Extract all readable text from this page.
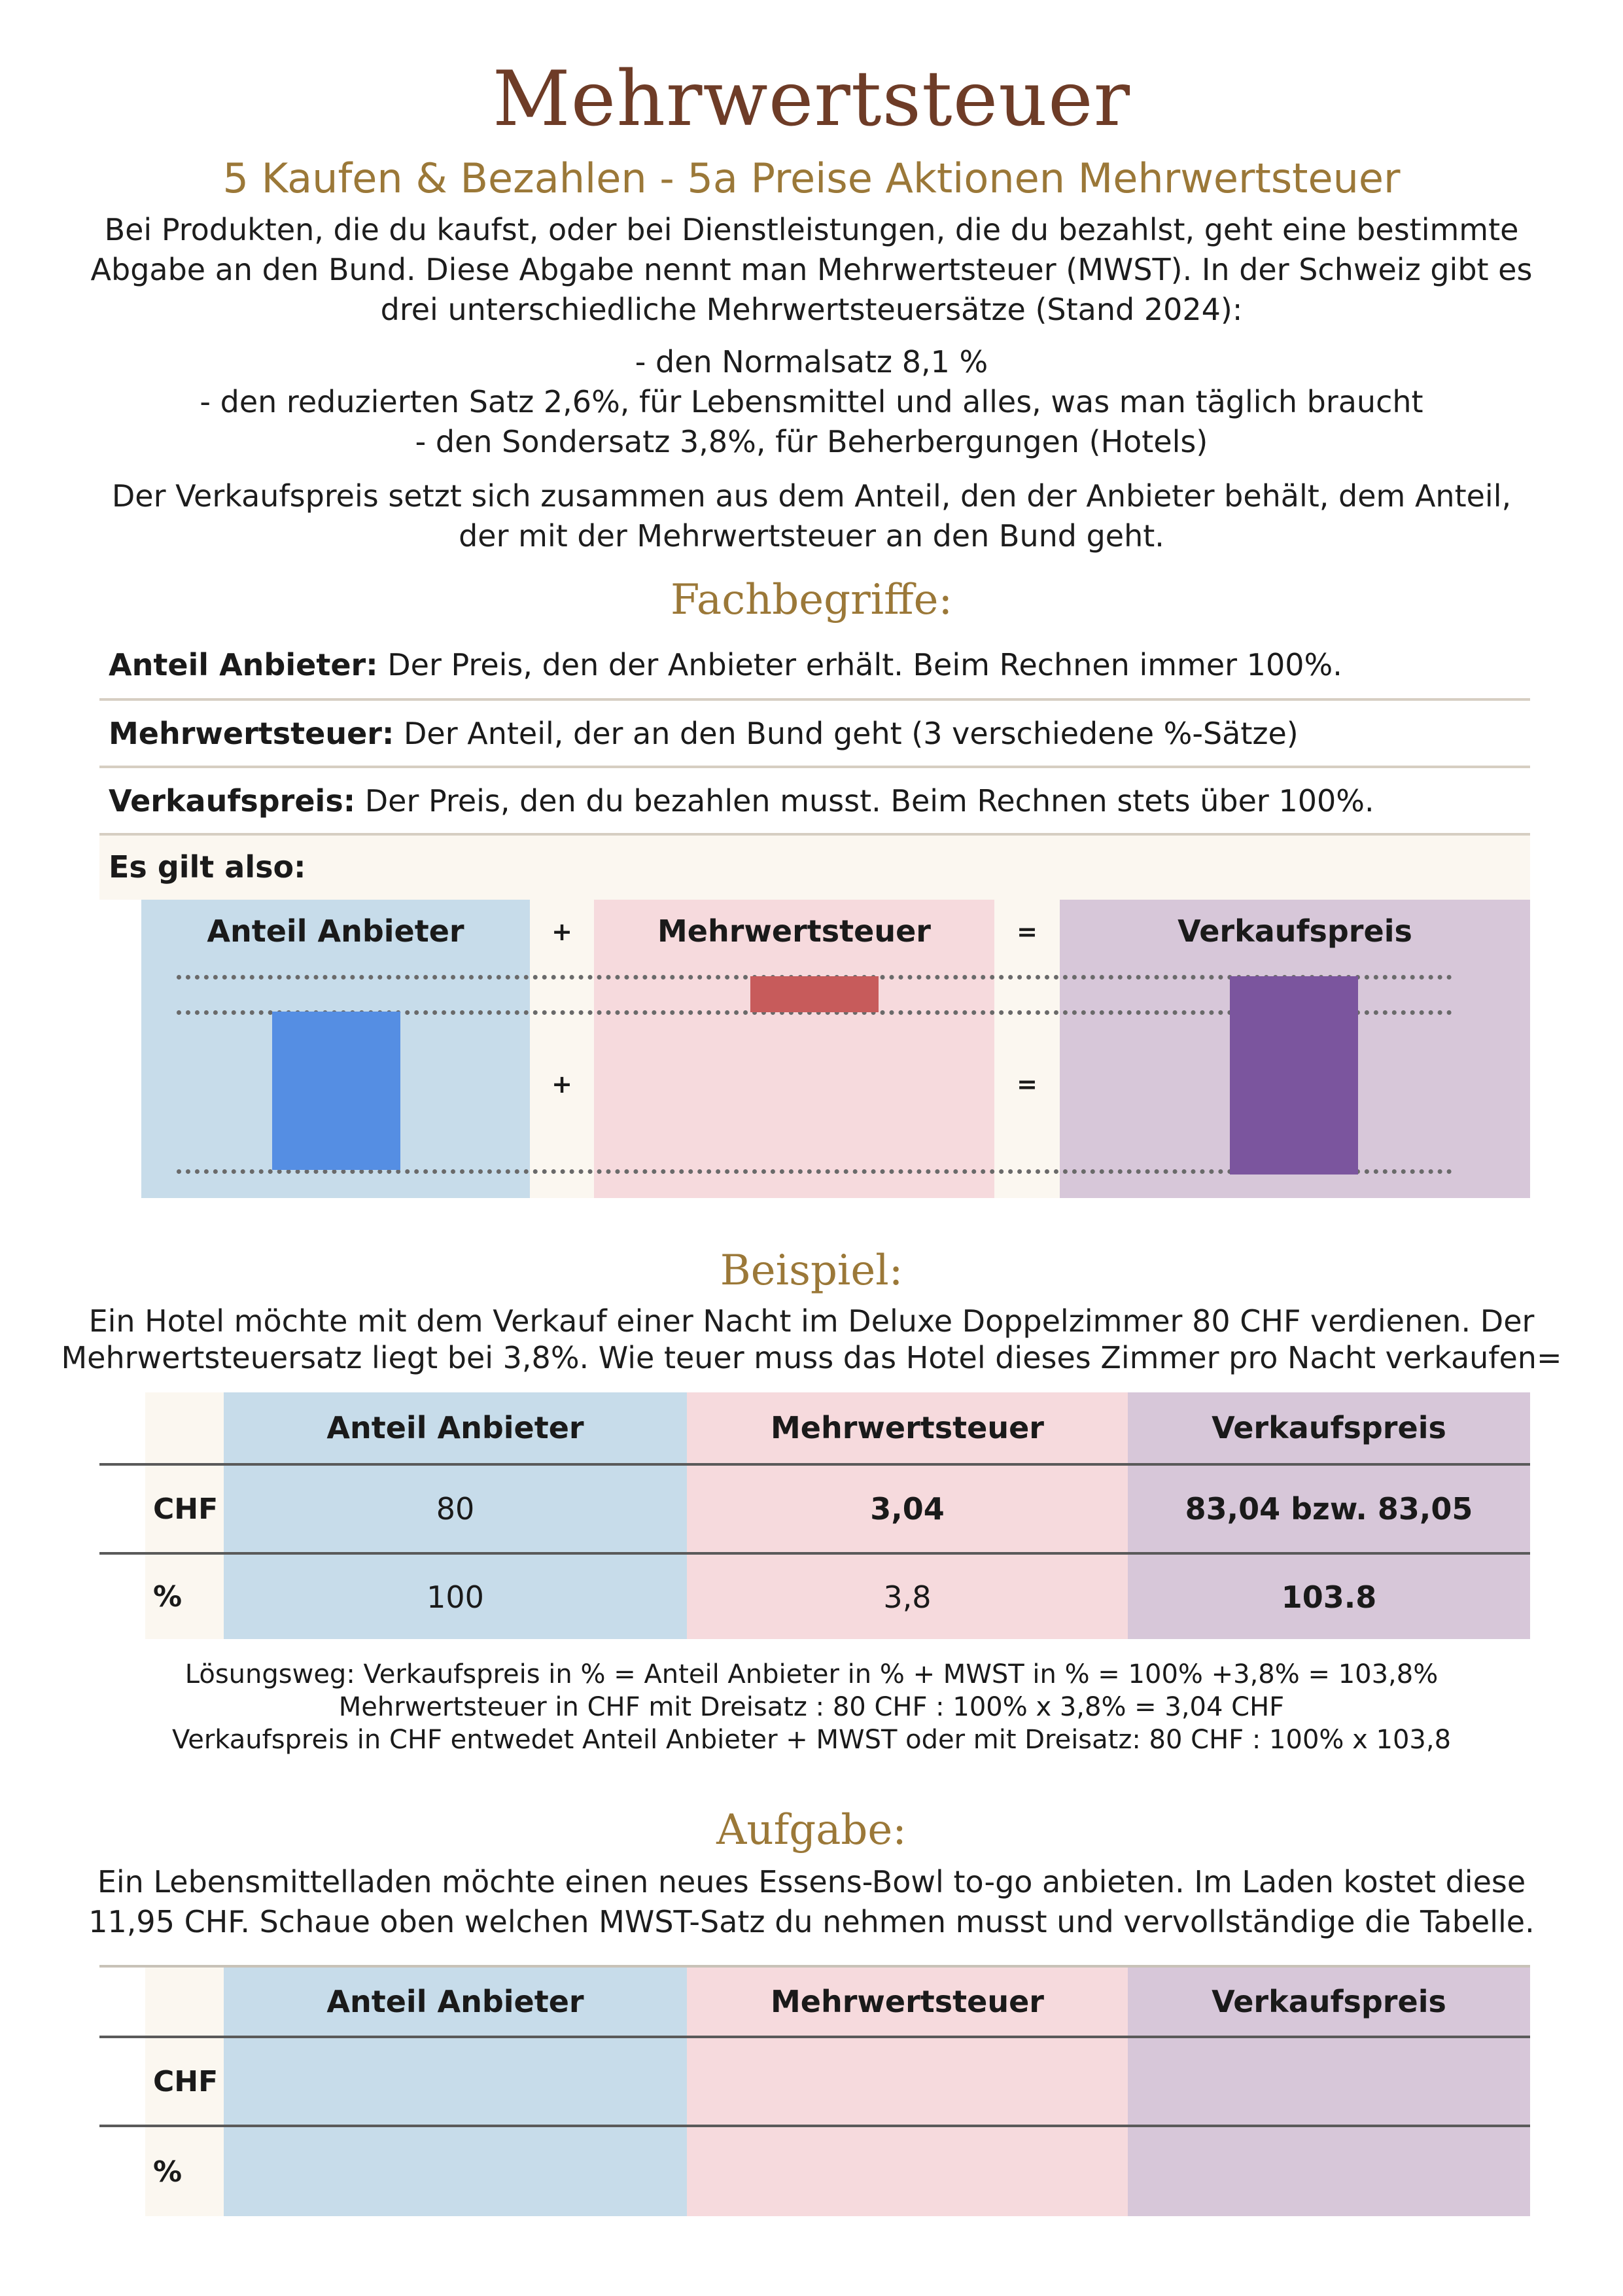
Mehrwertsteuer
5 Kaufen & Bezahlen - 5a Preise Aktionen Mehrwertsteuer
Bei Produkten, die du kaufst, oder bei Dienstleistungen, die du bezahlst, geht eine bestimmte
Abgabe an den Bund. Diese Abgabe nennt man Mehrwertsteuer (MWST). In der Schweiz gibt es
drei unterschiedliche Mehrwertsteuersätze (Stand 2024):
- den Normalsatz 8,1 %
- den reduzierten Satz 2,6%, für Lebensmittel und alles, was man täglich braucht
- den Sondersatz 3,8%, für Beherbergungen (Hotels)
Der Verkaufspreis setzt sich zusammen aus dem Anteil, den der Anbieter behält, dem Anteil,
der mit der Mehrwertsteuer an den Bund geht.
Fachbegriffe:
Anteil Anbieter: Der Preis, den der Anbieter erhält. Beim Rechnen immer 100%.
Mehrwertsteuer: Der Anteil, der an den Bund geht (3 verschiedene %-Sätze)
Verkaufspreis: Der Preis, den du bezahlen musst. Beim Rechnen stets über 100%.
Es gilt also:
Anteil Anbieter	+	Mehrwertsteuer	=	Verkaufspreis
+	=
Beispiel:
Ein Hotel möchte mit dem Verkauf einer Nacht im Deluxe Doppelzimmer 80 CHF verdienen. Der
Mehrwertsteuersatz liegt bei 3,8%. Wie teuer muss das Hotel dieses Zimmer pro Nacht verkaufen=
Anteil Anbieter	Mehrwertsteuer	Verkaufspreis
CHF	80	3,04	83,04 bzw. 83,05
%	100	3,8	103.8
Lösungsweg: Verkaufspreis in % = Anteil Anbieter in % + MWST in % = 100% +3,8% = 103,8%
Mehrwertsteuer in CHF mit Dreisatz : 80 CHF : 100% x 3,8% = 3,04 CHF
Verkaufspreis in CHF entwedet Anteil Anbieter + MWST oder mit Dreisatz: 80 CHF : 100% x 103,8
Aufgabe:
Ein Lebensmittelladen möchte einen neues Essens-Bowl to-go anbieten. Im Laden kostet diese
11,95 CHF. Schaue oben welchen MWST-Satz du nehmen musst und vervollständige die Tabelle.
Anteil Anbieter	Mehrwertsteuer	Verkaufspreis
CHF
%
